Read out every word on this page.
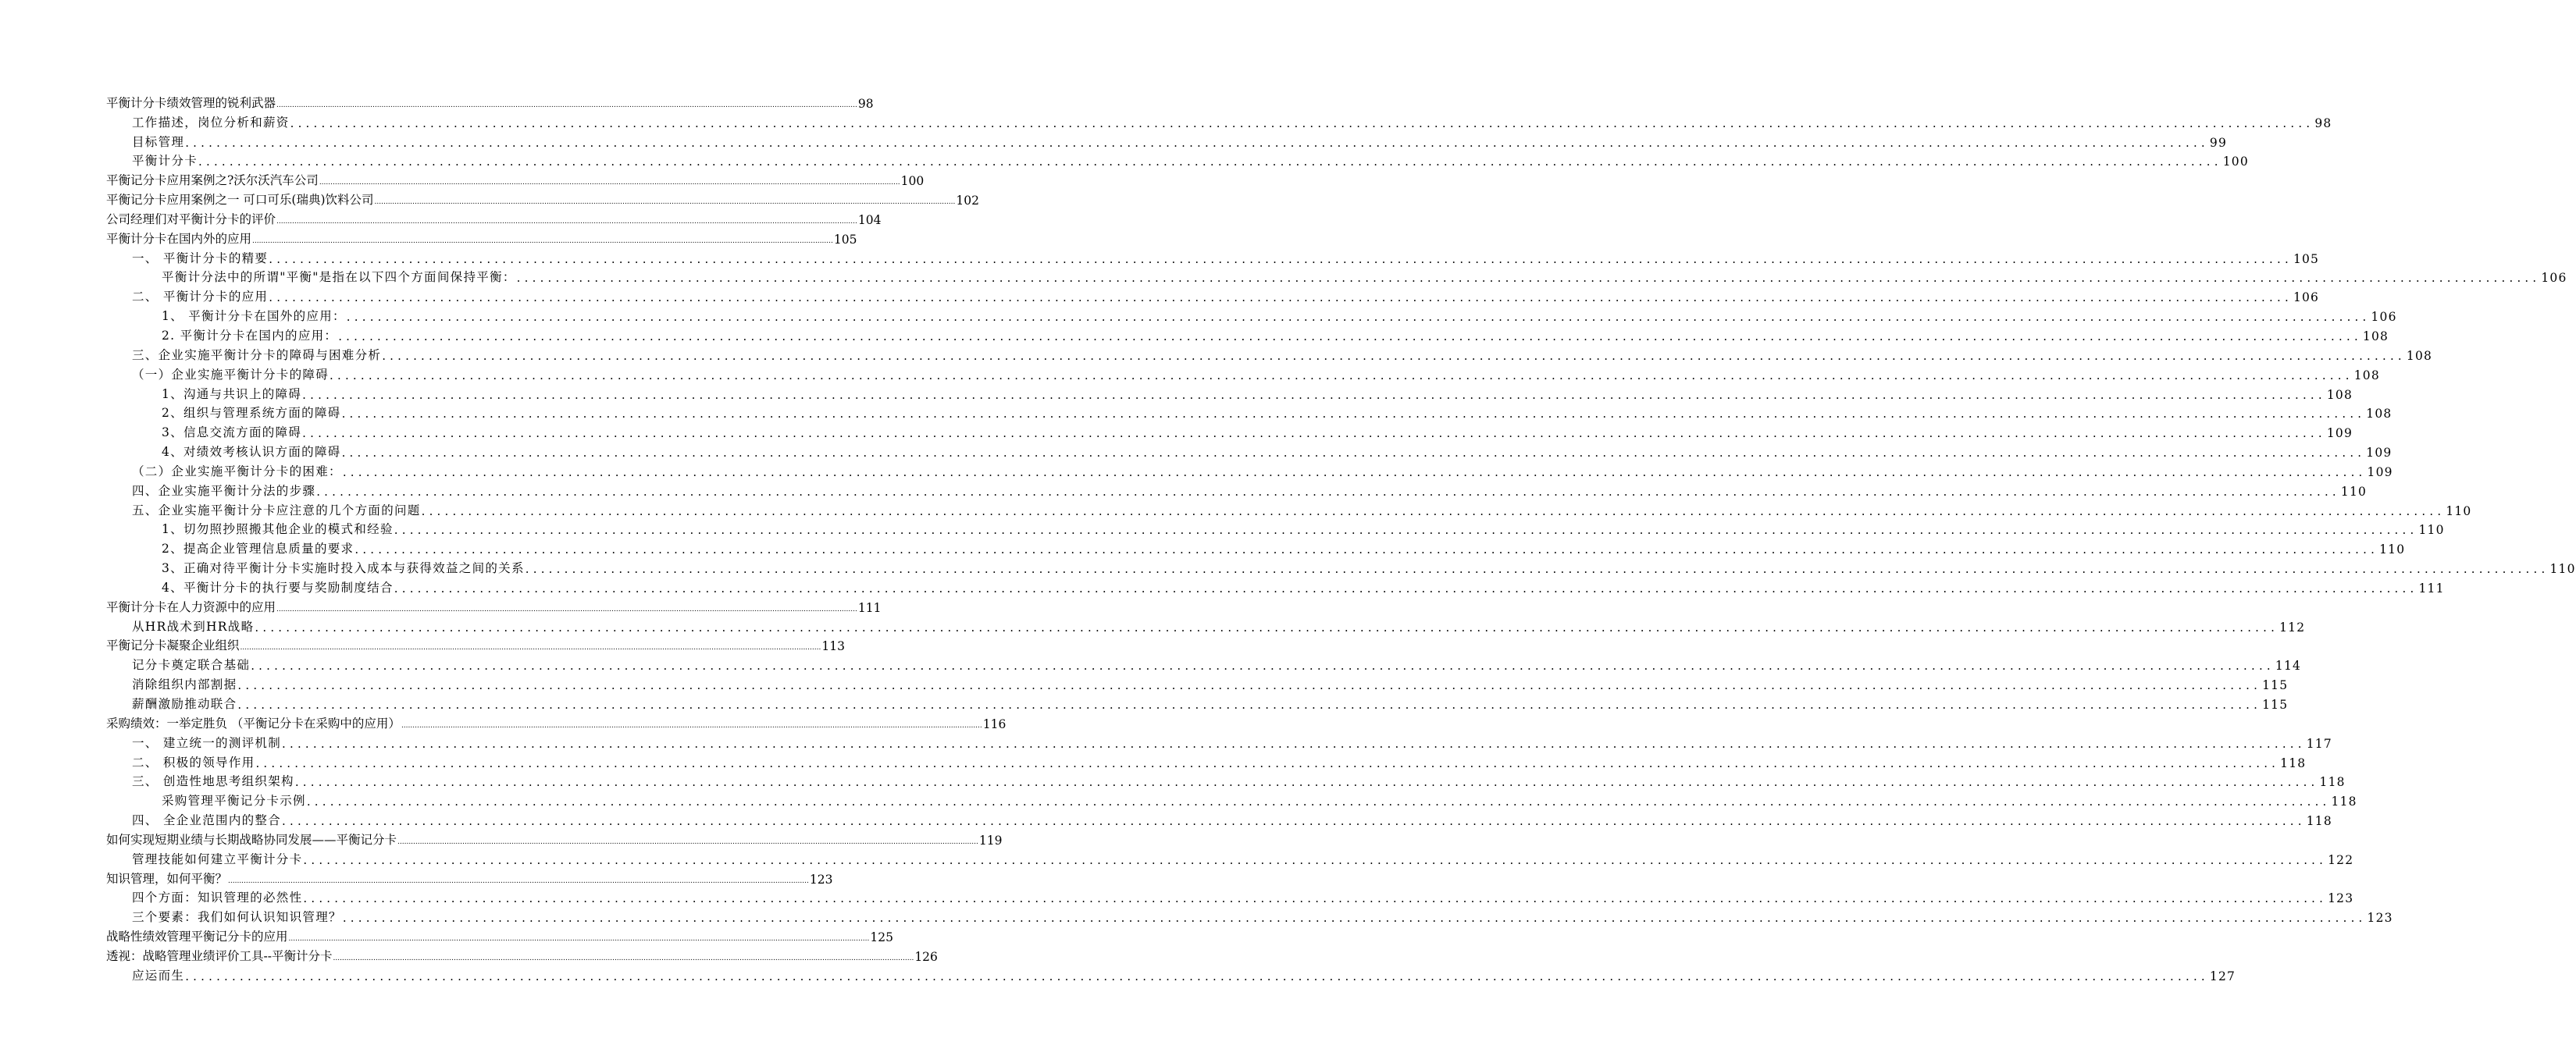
平衡计分卡绩效管理的锐利武器 .................................................................................................................................................................................................................................................................... 98
工作描述，岗位分析和薪资 .................................................................................................................................................................................................................................................................... 98
目标管理 .................................................................................................................................................................................................................................................................... 99
平衡计分卡 .................................................................................................................................................................................................................................................................... 100
平衡记分卡应用案例之?沃尔沃汽车公司 .................................................................................................................................................................................................................................................................... 100
平衡记分卡应用案例之一 可口可乐(瑞典)饮料公司 .................................................................................................................................................................................................................................................................... 102
公司经理们对平衡计分卡的评价 .................................................................................................................................................................................................................................................................... 104
平衡计分卡在国内外的应用 .................................................................................................................................................................................................................................................................... 105
一、 平衡计分卡的精要 .................................................................................................................................................................................................................................................................... 105
平衡计分法中的所谓"平衡"是指在以下四个方面间保持平衡： .................................................................................................................................................................................................................................................................... 106
二、 平衡计分卡的应用 .................................................................................................................................................................................................................................................................... 106
1、 平衡计分卡在国外的应用： .................................................................................................................................................................................................................................................................... 106
2. 平衡计分卡在国内的应用： .................................................................................................................................................................................................................................................................... 108
三、企业实施平衡计分卡的障碍与困难分析 .................................................................................................................................................................................................................................................................... 108
（一）企业实施平衡计分卡的障碍 .................................................................................................................................................................................................................................................................... 108
1、沟通与共识上的障碍 .................................................................................................................................................................................................................................................................... 108
2、组织与管理系统方面的障碍 .................................................................................................................................................................................................................................................................... 108
3、信息交流方面的障碍 .................................................................................................................................................................................................................................................................... 109
4、对绩效考核认识方面的障碍 .................................................................................................................................................................................................................................................................... 109
（二）企业实施平衡计分卡的困难： .................................................................................................................................................................................................................................................................... 109
四、企业实施平衡计分法的步骤 .................................................................................................................................................................................................................................................................... 110
五、企业实施平衡计分卡应注意的几个方面的问题 .................................................................................................................................................................................................................................................................... 110
1、切勿照抄照搬其他企业的模式和经验 .................................................................................................................................................................................................................................................................... 110
2、提高企业管理信息质量的要求 .................................................................................................................................................................................................................................................................... 110
3、正确对待平衡计分卡实施时投入成本与获得效益之间的关系 .................................................................................................................................................................................................................................................................... 110
4、平衡计分卡的执行要与奖励制度结合 .................................................................................................................................................................................................................................................................... 111
平衡计分卡在人力资源中的应用 .................................................................................................................................................................................................................................................................... 111
从HR战术到HR战略 .................................................................................................................................................................................................................................................................... 112
平衡记分卡凝聚企业组织 .................................................................................................................................................................................................................................................................... 113
记分卡奠定联合基础 .................................................................................................................................................................................................................................................................... 114
消除组织内部割据 .................................................................................................................................................................................................................................................................... 115
薪酬激励推动联合 .................................................................................................................................................................................................................................................................... 115
采购绩效：一举定胜负 （平衡记分卡在采购中的应用） .................................................................................................................................................................................................................................................................... 116
一、 建立统一的测评机制 .................................................................................................................................................................................................................................................................... 117
二、 积极的领导作用 .................................................................................................................................................................................................................................................................... 118
三、 创造性地思考组织架构 .................................................................................................................................................................................................................................................................... 118
采购管理平衡记分卡示例 .................................................................................................................................................................................................................................................................... 118
四、 全企业范围内的整合 .................................................................................................................................................................................................................................................................... 118
如何实现短期业绩与长期战略协同发展——平衡记分卡 .................................................................................................................................................................................................................................................................... 119
管理技能如何建立平衡计分卡 .................................................................................................................................................................................................................................................................... 122
知识管理，如何平衡？ .................................................................................................................................................................................................................................................................... 123
四个方面：知识管理的必然性 .................................................................................................................................................................................................................................................................... 123
三个要素：我们如何认识知识管理？ .................................................................................................................................................................................................................................................................... 123
战略性绩效管理平衡记分卡的应用 .................................................................................................................................................................................................................................................................... 125
透视：战略管理业绩评价工具--平衡计分卡 .................................................................................................................................................................................................................................................................... 126
应运而生 .................................................................................................................................................................................................................................................................... 127
